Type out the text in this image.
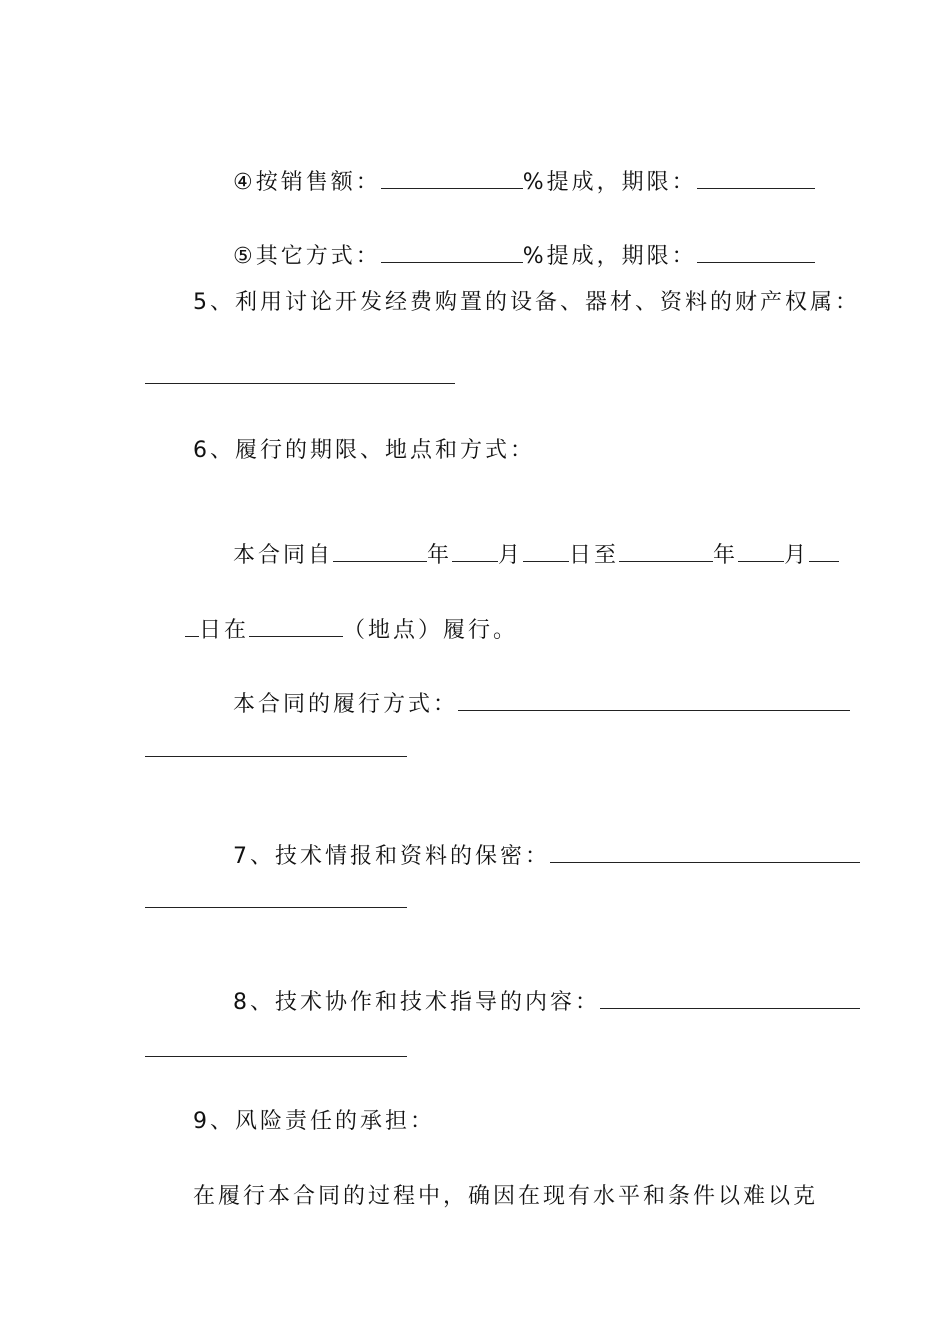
④按销售额：	%提成，期限：

⑤其它方式：	%提成，期限：

5、利用讨论开发经费购置的设备、器材、资料的财产权属：
6、履行的期限、地点和方式：

本合同自	年 月 日至	年 月

日在	（地点）履行。

本合同的履行方式：

7、技术情报和资料的保密：

8、技术协作和技术指导的内容：

9、风险责任的承担：
在履行本合同的过程中，确因在现有水平和条件以难以克
